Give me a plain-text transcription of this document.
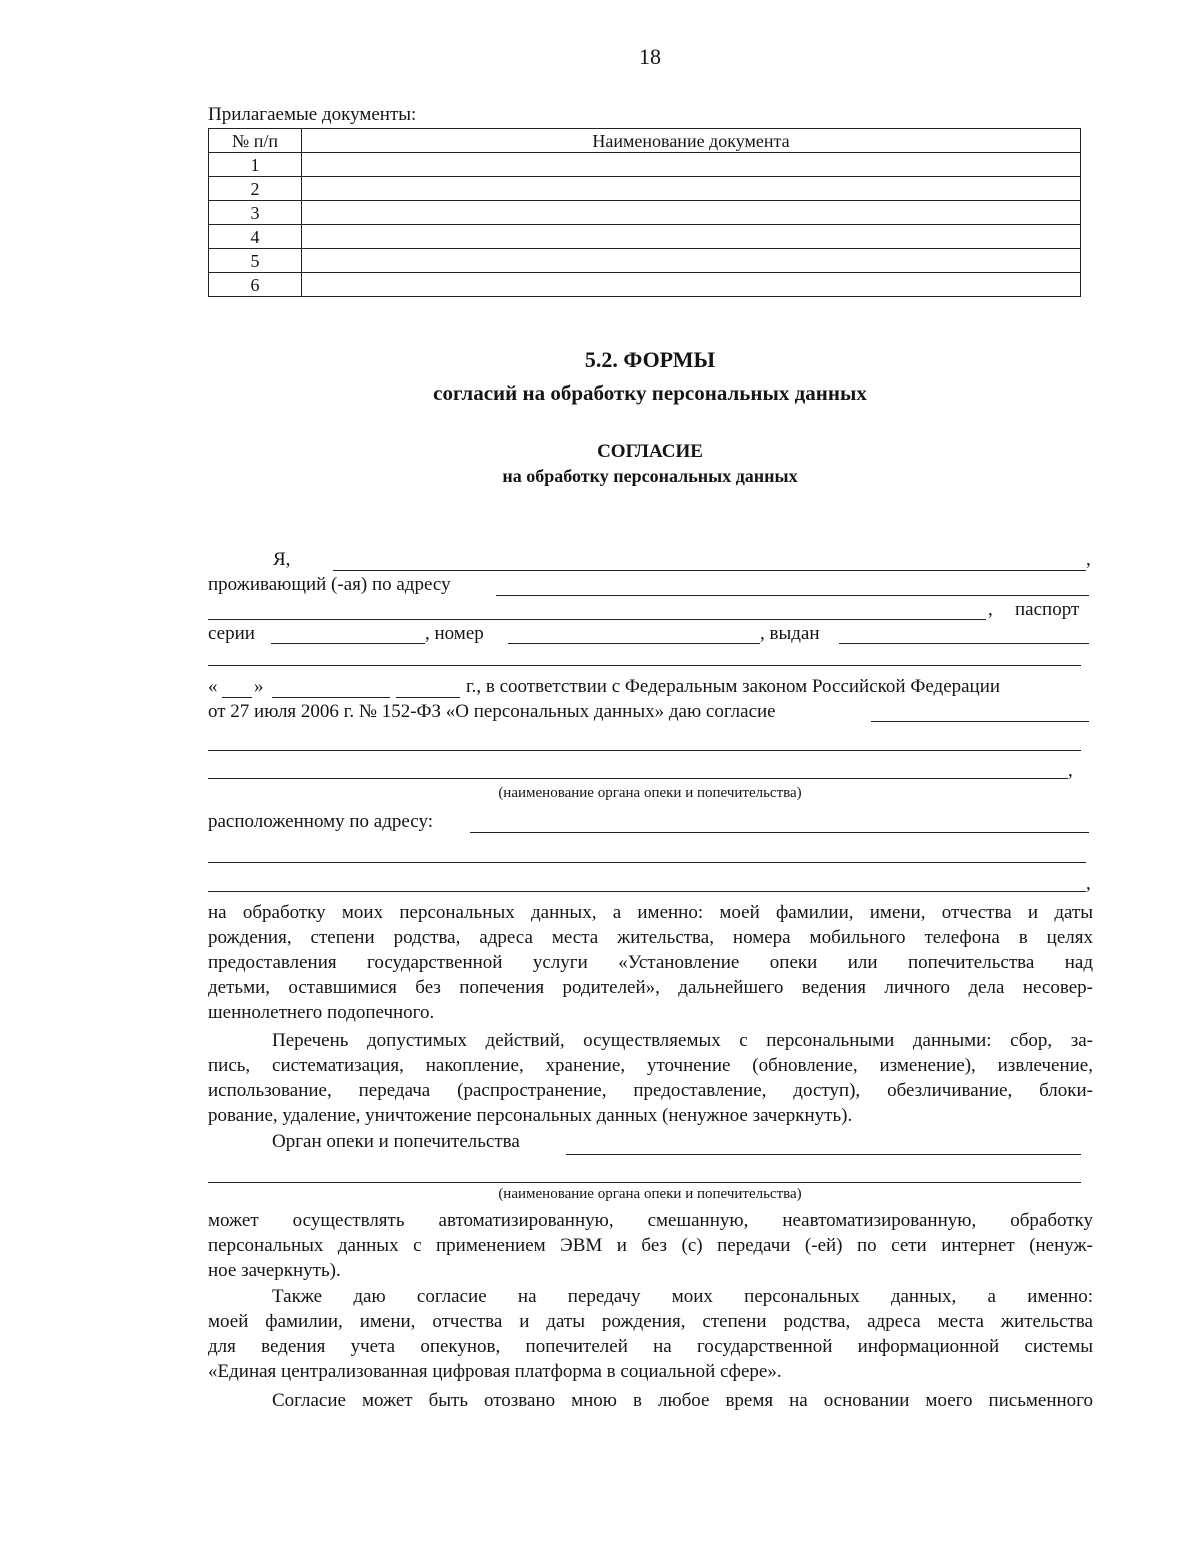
18
Прилагаемые документы:
№ п/п	Наименование документа
1	
2	
3	
4	
5	
6	
5.2. ФОРМЫ
согласий на обработку персональных данных
СОГЛАСИЕ
на обработку персональных данных
Я,	,
проживающий (-ая) по адресу
, паспорт
серии	, номер	, выдан
« »	г., в соответствии с Федеральным законом Российской Федерации
от 27 июля 2006 г. № 152-ФЗ «О персональных данных» даю согласие
,
(наименование органа опеки и попечительства)
расположенному по адресу:
,
на обработку моих персональных данных, а именно: моей фамилии, имени, отчества и даты
рождения, степени родства, адреса места жительства, номера мобильного телефона в целях
предоставления государственной услуги «Установление опеки или попечительства над
детьми, оставшимися без попечения родителей», дальнейшего ведения личного дела несовер-
шеннолетнего подопечного.
Перечень допустимых действий, осуществляемых с персональными данными: сбор, за-
пись, систематизация, накопление, хранение, уточнение (обновление, изменение), извлечение,
использование, передача (распространение, предоставление, доступ), обезличивание, блоки-
рование, удаление, уничтожение персональных данных (ненужное зачеркнуть).
Орган опеки и попечительства
(наименование органа опеки и попечительства)
может осуществлять автоматизированную, смешанную, неавтоматизированную, обработку
персональных данных с применением ЭВМ и без (с) передачи (-ей) по сети интернет (ненуж-
ное зачеркнуть).
Также даю согласие на передачу моих персональных данных, а именно:
моей фамилии, имени, отчества и даты рождения, степени родства, адреса места жительства
для ведения учета опекунов, попечителей на государственной информационной системы
«Единая централизованная цифровая платформа в социальной сфере».
Согласие может быть отозвано мною в любое время на основании моего письменного
